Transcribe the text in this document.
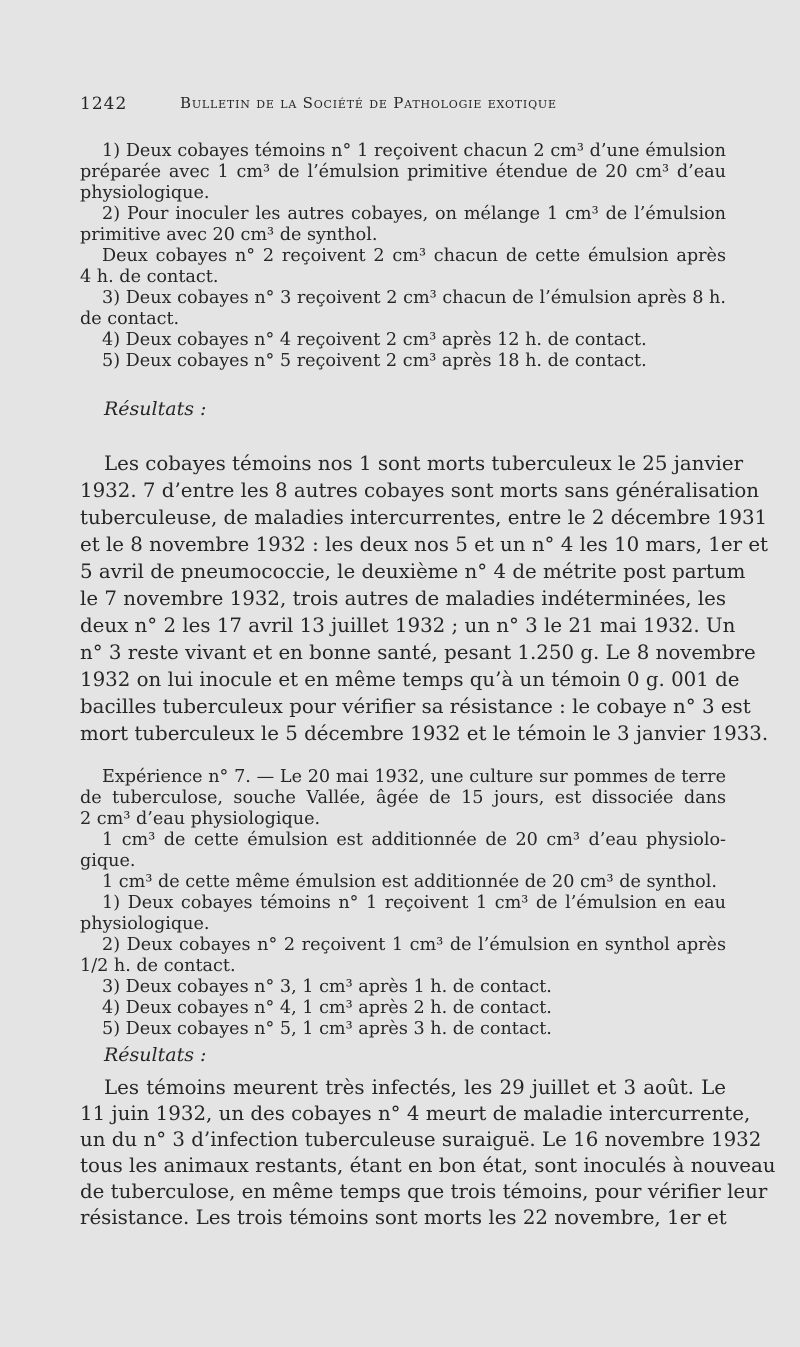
1242	Bulletin de la Société de Pathologie exotique
1) Deux cobayes témoins n° 1 reçoivent chacun 2 cm³ d’une émulsion
préparée avec 1 cm³ de l’émulsion primitive étendue de 20 cm³ d’eau
physiologique.
2) Pour inoculer les autres cobayes, on mélange 1 cm³ de l’émulsion
primitive avec 20 cm³ de synthol.
Deux cobayes n° 2 reçoivent 2 cm³ chacun de cette émulsion après
4 h. de contact.
3) Deux cobayes n° 3 reçoivent 2 cm³ chacun de l’émulsion après 8 h.
de contact.
4) Deux cobayes n° 4 reçoivent 2 cm³ après 12 h. de contact.
5) Deux cobayes n° 5 reçoivent 2 cm³ après 18 h. de contact.
Résultats :
Les cobayes témoins nos 1 sont morts tuberculeux le 25 janvier
1932. 7 d’entre les 8 autres cobayes sont morts sans généralisation
tuberculeuse, de maladies intercurrentes, entre le 2 décembre 1931
et le 8 novembre 1932 : les deux nos 5 et un n° 4 les 10 mars, 1er et
5 avril de pneumococcie, le deuxième n° 4 de métrite post partum
le 7 novembre 1932, trois autres de maladies indéterminées, les
deux n° 2 les 17 avril 13 juillet 1932 ; un n° 3 le 21 mai 1932. Un
n° 3 reste vivant et en bonne santé, pesant 1.250 g. Le 8 novembre
1932 on lui inocule et en même temps qu’à un témoin 0 g. 001 de
bacilles tuberculeux pour vérifier sa résistance : le cobaye n° 3 est
mort tuberculeux le 5 décembre 1932 et le témoin le 3 janvier 1933.
Expérience n° 7. — Le 20 mai 1932, une culture sur pommes de terre
de tuberculose, souche Vallée, âgée de 15 jours, est dissociée dans
2 cm³ d’eau physiologique.
1 cm³ de cette émulsion est additionnée de 20 cm³ d’eau physiolo-
gique.
1 cm³ de cette même émulsion est additionnée de 20 cm³ de synthol.
1) Deux cobayes témoins n° 1 reçoivent 1 cm³ de l’émulsion en eau
physiologique.
2) Deux cobayes n° 2 reçoivent 1 cm³ de l’émulsion en synthol après
1/2 h. de contact.
3) Deux cobayes n° 3, 1 cm³ après 1 h. de contact.
4) Deux cobayes n° 4, 1 cm³ après 2 h. de contact.
5) Deux cobayes n° 5, 1 cm³ après 3 h. de contact.
Résultats :
Les témoins meurent très infectés, les 29 juillet et 3 août. Le
11 juin 1932, un des cobayes n° 4 meurt de maladie intercurrente,
un du n° 3 d’infection tuberculeuse suraiguë. Le 16 novembre 1932
tous les animaux restants, étant en bon état, sont inoculés à nouveau
de tuberculose, en même temps que trois témoins, pour vérifier leur
résistance. Les trois témoins sont morts les 22 novembre, 1er et
